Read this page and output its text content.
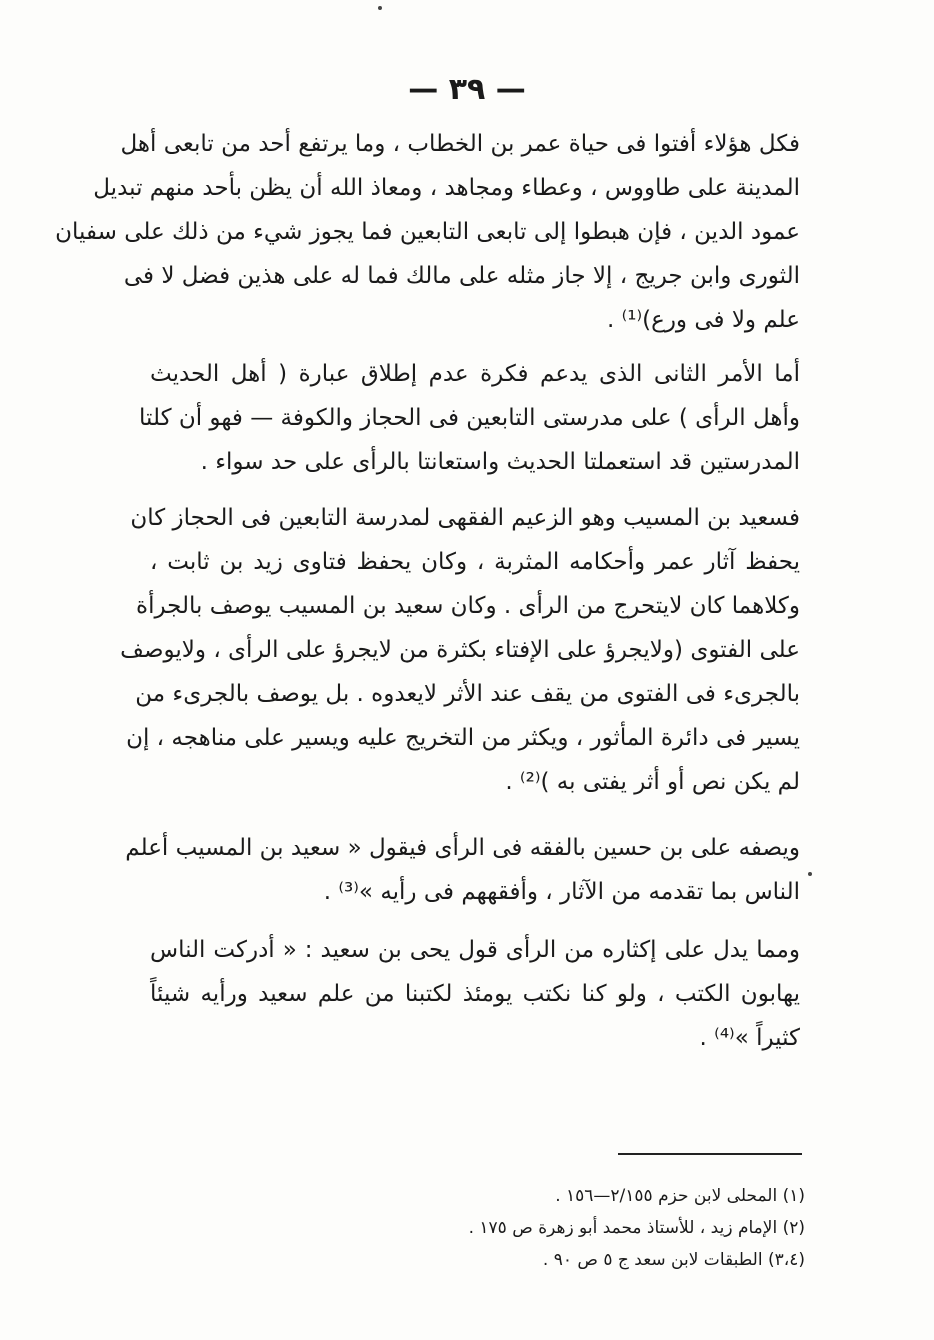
— ٣٩ —
فكل هؤلاء أفتوا فى حياة عمر بن الخطاب ، وما يرتفع أحد من تابعى أهل
المدينة على طاووس ، وعطاء ومجاهد ، ومعاذ الله أن يظن بأحد منهم تبديل
عمود الدين ، فإن هبطوا إلى تابعى التابعين فما يجوز شيء من ذلك على سفيان
الثورى وابن جريج ، إلا جاز مثله على مالك فما له على هذين فضل لا فى
علم ولا فى ورع)⁽¹⁾ .
أما الأمر الثانى الذى يدعم فكرة عدم إطلاق عبارة ( أهل الحديث
وأهل الرأى ) على مدرستى التابعين فى الحجاز والكوفة — فهو أن كلتا
المدرستين قد استعملتا الحديث واستعانتا بالرأى على حد سواء .
فسعيد بن المسيب وهو الزعيم الفقهى لمدرسة التابعين فى الحجاز كان
يحفظ آثار عمر وأحكامه المثربة ، وكان يحفظ فتاوى زيد بن ثابت ،
وكلاهما كان لايتحرج من الرأى . وكان سعيد بن المسيب يوصف بالجرأة
على الفتوى (ولايجرؤ على الإفتاء بكثرة من لايجرؤ على الرأى ، ولايوصف
بالجرىء فى الفتوى من يقف عند الأثر لايعدوه . بل يوصف بالجرىء من
يسير فى دائرة المأثور ، ويكثر من التخريج عليه ويسير على مناهجه ، إن
لم يكن نص أو أثر يفتى به )⁽²⁾ .
ويصفه على بن حسين بالفقه فى الرأى فيقول « سعيد بن المسيب أعلم
الناس بما تقدمه من الآثار ، وأفقههم فى رأيه »⁽³⁾ .
ومما يدل على إكثاره من الرأى قول يحى بن سعيد : « أدركت الناس
يهابون الكتب ، ولو كنا نكتب يومئذ لكتبنا من علم سعيد ورأيه شيئاً
كثيراً »⁽⁴⁾ .
(١) المحلى لابن حزم ٢/١٥٥—١٥٦ .
(٢) الإمام زيد ، للأستاذ محمد أبو زهرة ص ١٧٥ .
(٣،٤) الطبقات لابن سعد ج ٥ ص ٩٠ .
